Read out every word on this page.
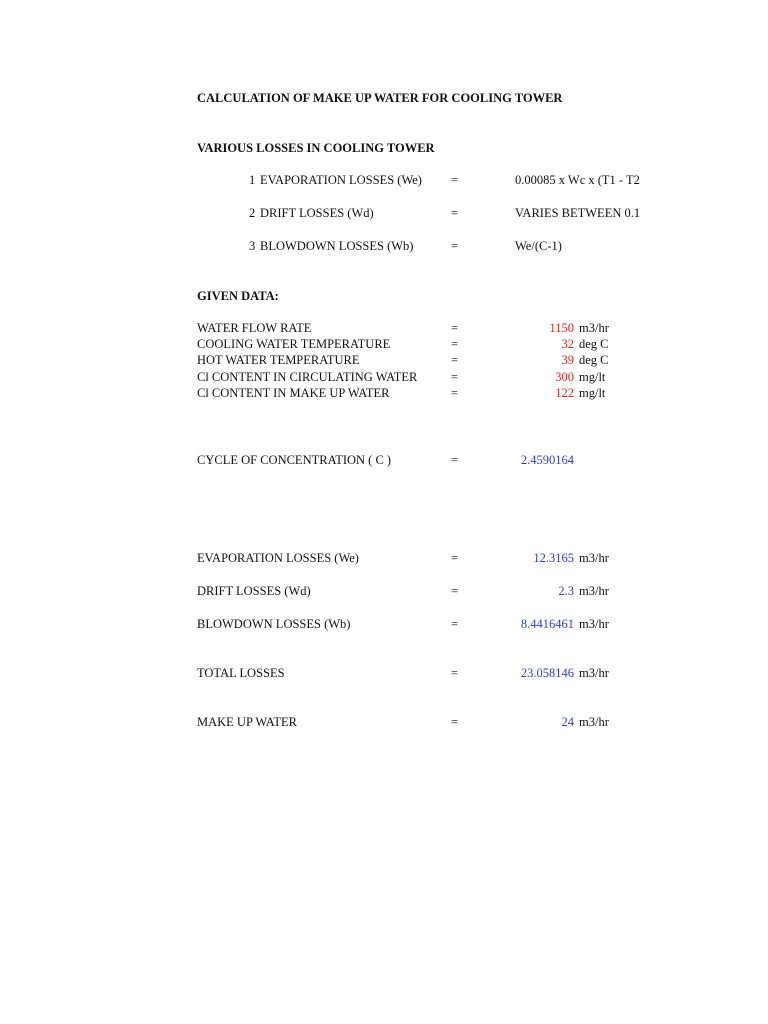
CALCULATION OF MAKE UP WATER FOR COOLING TOWER
VARIOUS LOSSES IN COOLING TOWER
1 EVAPORATION LOSSES (We) =	0.00085 x Wc x (T1 - T2
2 DRIFT LOSSES (Wd)	=	VARIES BETWEEN 0.1
3 BLOWDOWN LOSSES (Wb)	=	We/(C-1)
GIVEN DATA:
WATER FLOW RATE	=	1150 m3/hr
COOLING WATER TEMPERATURE	=	32 deg C
HOT WATER TEMPERATURE	=	39 deg C
Cl CONTENT IN CIRCULATING WATER	=	300 mg/lt
Cl CONTENT IN MAKE UP WATER	=	122 mg/lt
CYCLE OF CONCENTRATION ( C )	=	2.4590164
EVAPORATION LOSSES (We)	=	12.3165 m3/hr
DRIFT LOSSES (Wd)	=	2.3 m3/hr
BLOWDOWN LOSSES (Wb)	=	8.4416461 m3/hr
TOTAL LOSSES	=	23.058146 m3/hr
MAKE UP WATER	=	24 m3/hr
